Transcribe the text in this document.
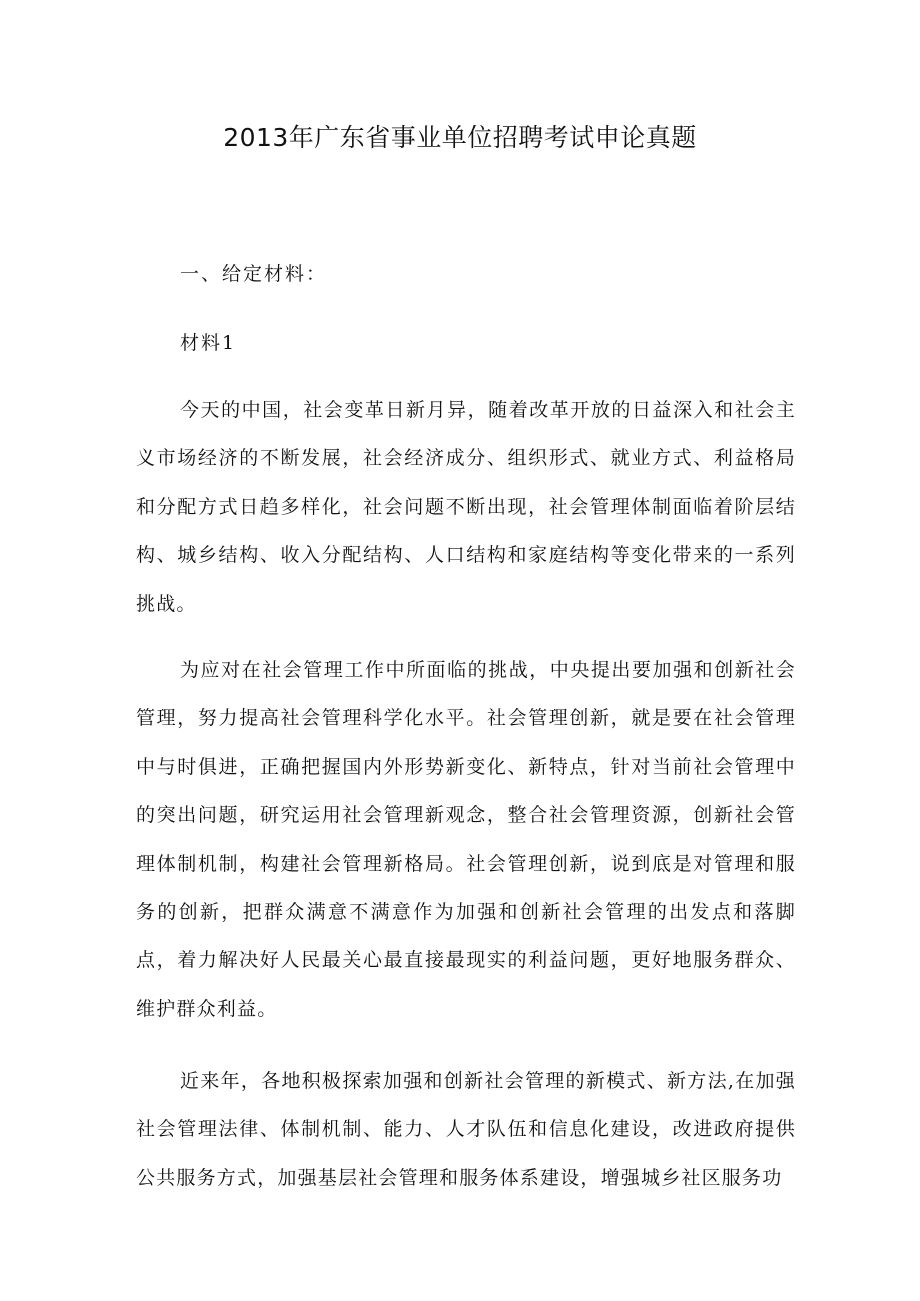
2013年广东省事业单位招聘考试申论真题

一、给定材料：

材料1

今天的中国，社会变革日新月异，随着改革开放的日益深入和社会主义市场经济的不断发展，社会经济成分、组织形式、就业方式、利益格局和分配方式日趋多样化，社会问题不断出现，社会管理体制面临着阶层结构、城乡结构、收入分配结构、人口结构和家庭结构等变化带来的一系列挑战。

为应对在社会管理工作中所面临的挑战，中央提出要加强和创新社会管理，努力提高社会管理科学化水平。社会管理创新，就是要在社会管理中与时俱进，正确把握国内外形势新变化、新特点，针对当前社会管理中的突出问题，研究运用社会管理新观念，整合社会管理资源，创新社会管理体制机制，构建社会管理新格局。社会管理创新，说到底是对管理和服务的创新，把群众满意不满意作为加强和创新社会管理的出发点和落脚点，着力解决好人民最关心最直接最现实的利益问题，更好地服务群众、维护群众利益。

近来年，各地积极探索加强和创新社会管理的新模式、新方法,在加强社会管理法律、体制机制、能力、人才队伍和信息化建设，改进政府提供公共服务方式，加强基层社会管理和服务体系建设，增强城乡社区服务功
